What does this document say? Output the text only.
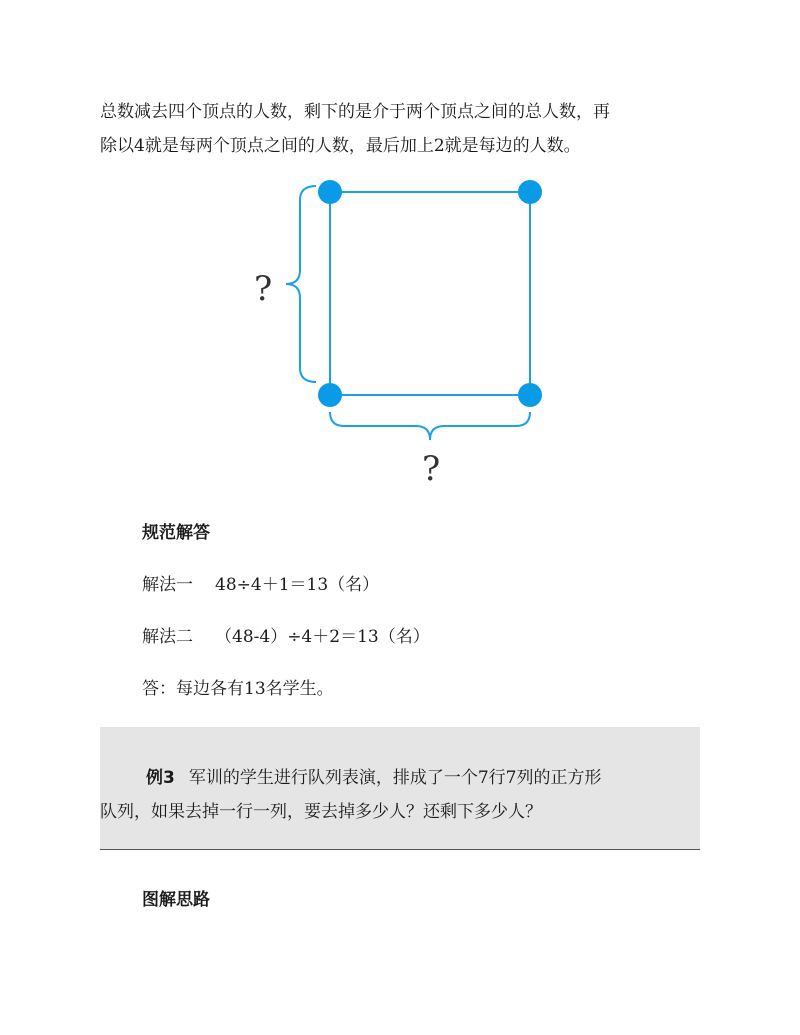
总数减去四个顶点的人数，剩下的是介于两个顶点之间的总人数，再
除以4就是每两个顶点之间的人数，最后加上2就是每边的人数。
?
?
规范解答
解法一 48÷4＋1＝13（名）
解法二 （48-4）÷4＋2＝13（名）
答：每边各有13名学生。
例3 军训的学生进行队列表演，排成了一个7行7列的正方形
队列，如果去掉一行一列，要去掉多少人？还剩下多少人？
图解思路
